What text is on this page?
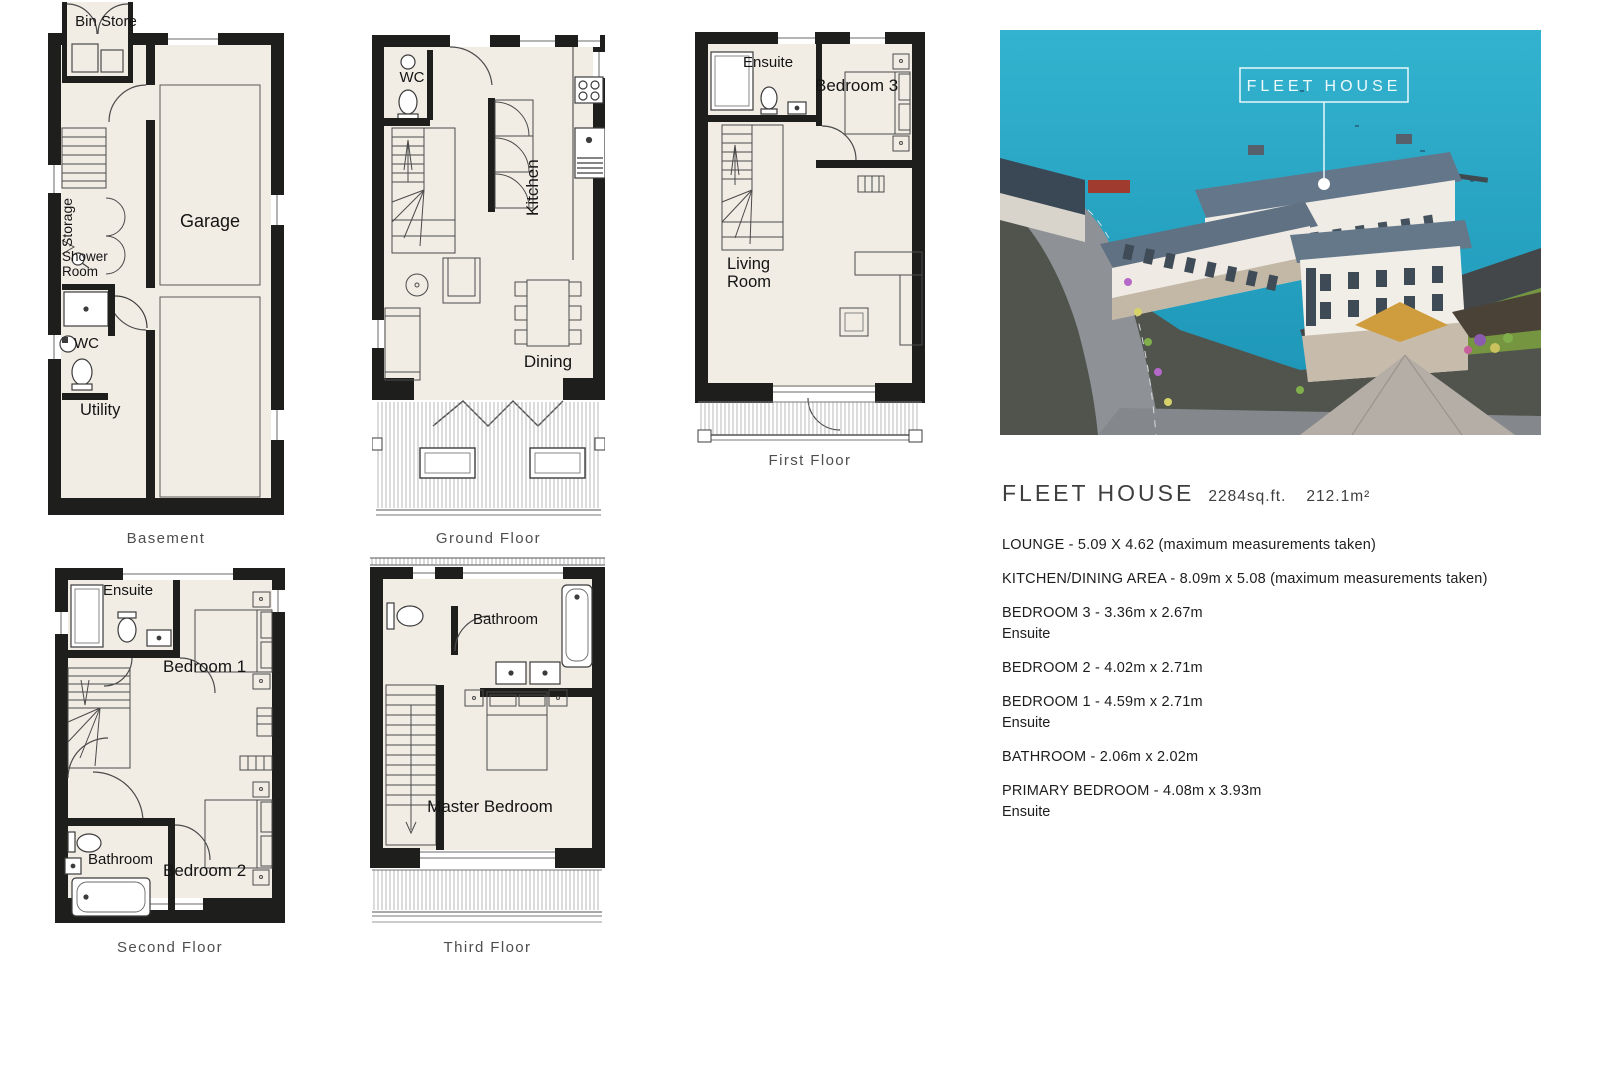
Bin Store
Storage
Shower Room
WC
Utility
Garage
Basement
WC
Kitchen
Dining
Ground Floor
Ensuite
Bedroom 3
Living Room
First Floor
Ensuite
Bedroom 1
Bathroom
Bedroom 2
Second Floor
Bathroom
Master Bedroom
Third Floor
FLEET HOUSE
FLEET HOUSE 2284sq.ft. 212.1m²
LOUNGE - 5.09 X 4.62 (maximum measurements taken)
KITCHEN/DINING AREA - 8.09m x 5.08 (maximum measurements taken)
BEDROOM 3 - 3.36m x 2.67m
Ensuite
BEDROOM 2 - 4.02m x 2.71m
BEDROOM 1 - 4.59m x 2.71m
Ensuite
BATHROOM - 2.06m x 2.02m
PRIMARY BEDROOM - 4.08m x 3.93m
Ensuite
